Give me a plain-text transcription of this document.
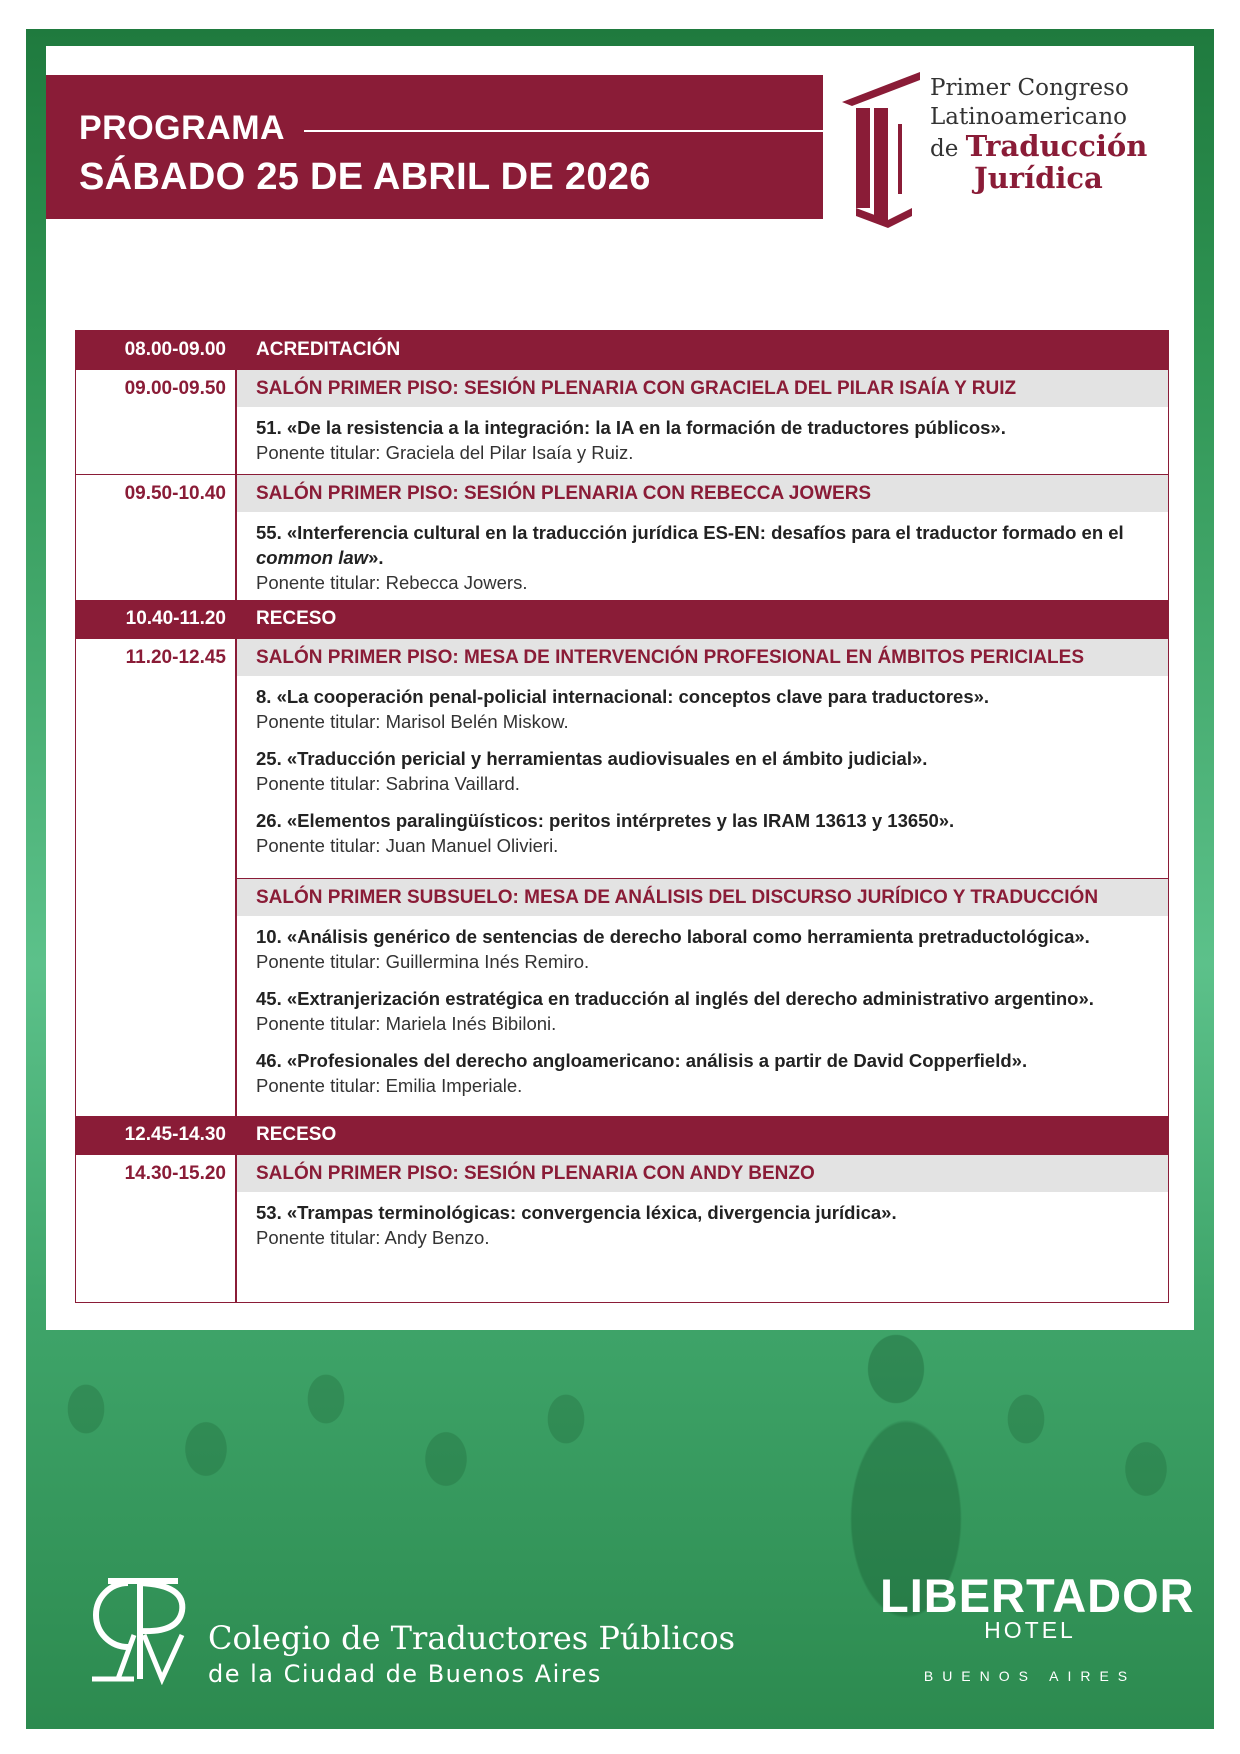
PROGRAMA
SÁBADO 25 DE ABRIL DE 2026
Primer Congreso
Latinoamericano
de Traducción
Jurídica
08.00-09.00	ACREDITACIÓN
09.00-09.50	SALÓN PRIMER PISO: SESIÓN PLENARIA CON GRACIELA DEL PILAR ISAÍA Y RUIZ
51. «De la resistencia a la integración: la IA en la formación de traductores públicos».
Ponente titular: Graciela del Pilar Isaía y Ruiz.
09.50-10.40	SALÓN PRIMER PISO: SESIÓN PLENARIA CON REBECCA JOWERS
55. «Interferencia cultural en la traducción jurídica ES-EN: desafíos para el traductor formado en el common law».
Ponente titular: Rebecca Jowers.
10.40-11.20	RECESO
11.20-12.45	SALÓN PRIMER PISO: MESA DE INTERVENCIÓN PROFESIONAL EN ÁMBITOS PERICIALES
8. «La cooperación penal-policial internacional: conceptos clave para traductores».
Ponente titular: Marisol Belén Miskow.
25. «Traducción pericial y herramientas audiovisuales en el ámbito judicial».
Ponente titular: Sabrina Vaillard.
26. «Elementos paralingüísticos: peritos intérpretes y las IRAM 13613 y 13650».
Ponente titular: Juan Manuel Olivieri.
SALÓN PRIMER SUBSUELO: MESA DE ANÁLISIS DEL DISCURSO JURÍDICO Y TRADUCCIÓN
10. «Análisis genérico de sentencias de derecho laboral como herramienta pretraductológica».
Ponente titular: Guillermina Inés Remiro.
45. «Extranjerización estratégica en traducción al inglés del derecho administrativo argentino».
Ponente titular: Mariela Inés Bibiloni.
46. «Profesionales del derecho angloamericano: análisis a partir de David Copperfield».
Ponente titular: Emilia Imperiale.
12.45-14.30	RECESO
14.30-15.20	SALÓN PRIMER PISO: SESIÓN PLENARIA CON ANDY BENZO
53. «Trampas terminológicas: convergencia léxica, divergencia jurídica».
Ponente titular: Andy Benzo.
Colegio de Traductores Públicos
de la Ciudad de Buenos Aires
LIBERTADOR
HOTEL
BUENOS AIRES
